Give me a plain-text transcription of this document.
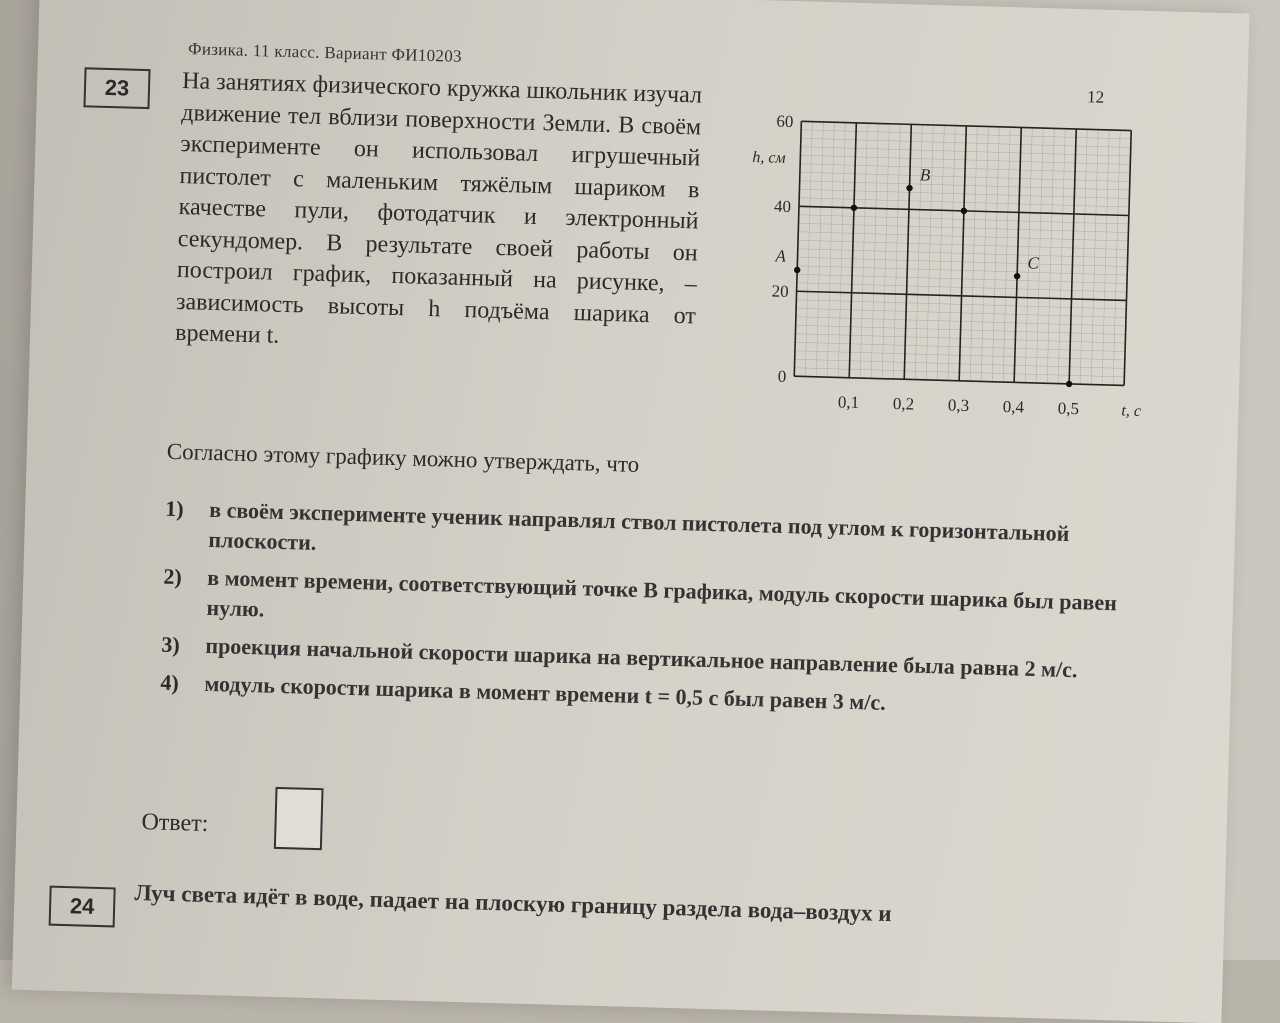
Физика. 11 класс. Вариант ФИ10203
12
23	На занятиях физического кружка школьник изучал движение тел вблизи поверхности Земли. В своём эксперименте он использовал игрушечный пистолет с маленьким тяжёлым шариком в качестве пули, фотодатчик и электронный секундомер. В результате своей работы он построил график, показанный на рисунке, – зависимость высоты h подъёма шарика от времени t.
0
20
40
60
0,1 0,2 0,3 0,4 0,5
h, см
t, с
A
B
C
Согласно этому графику можно утверждать, что
1)	в своём эксперименте ученик направлял ствол пистолета под углом к горизонтальной плоскости.
2)	в момент времени, соответствующий точке B графика, модуль скорости шарика был равен нулю.
3)	проекция начальной скорости шарика на вертикальное направление была равна 2 м/с.
4)	модуль скорости шарика в момент времени t = 0,5 с был равен 3 м/с.
Ответ:
24	Луч света идёт в воде, падает на плоскую границу раздела вода–воздух и
